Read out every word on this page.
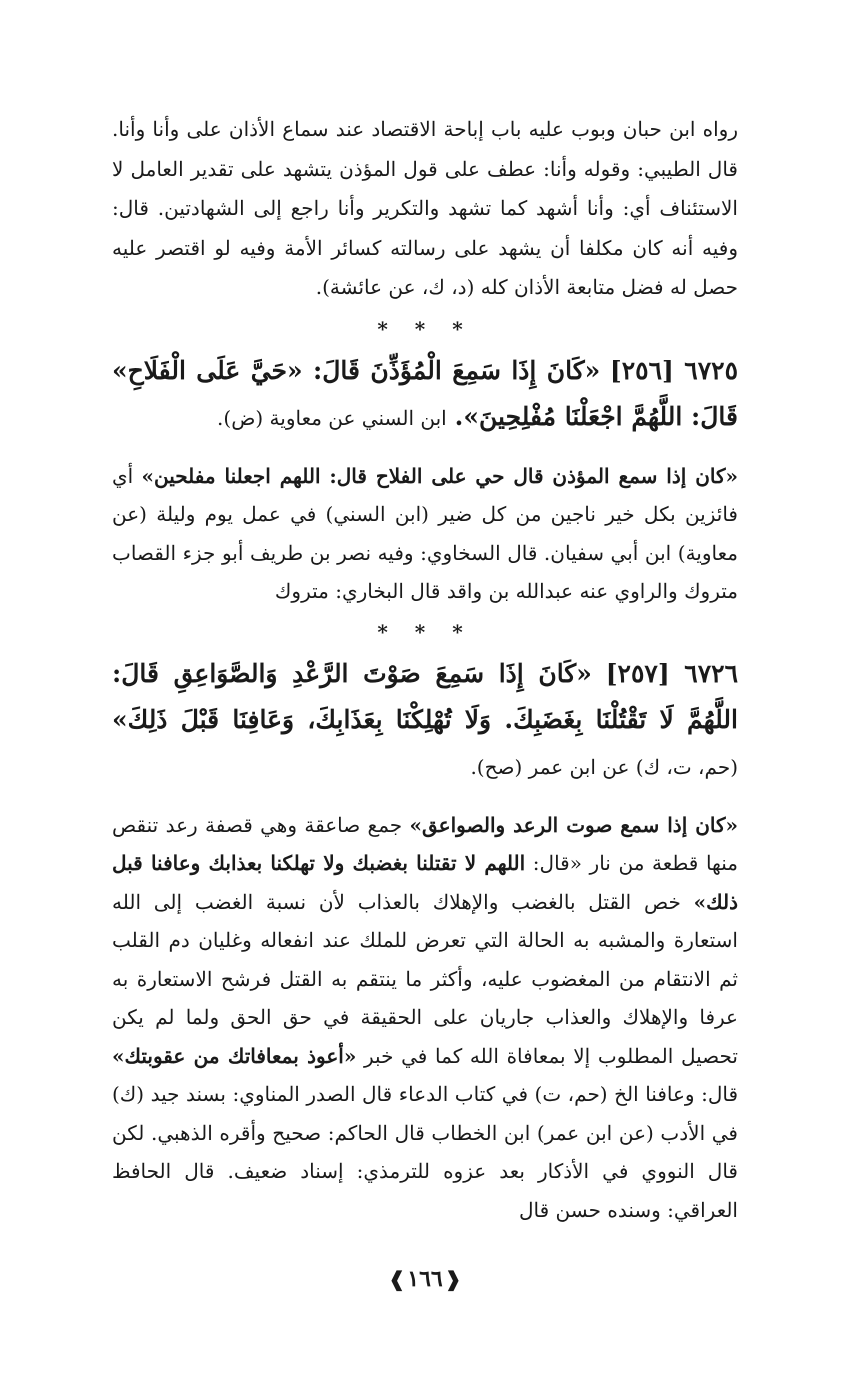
رواه ابن حبان وبوب عليه باب إباحة الاقتصاد عند سماع الأذان على وأنا وأنا. قال الطيبي: وقوله وأنا: عطف على قول المؤذن يتشهد على تقدير العامل لا الاستئناف أي: وأنا أشهد كما تشهد والتكرير وأنا راجع إلى الشهادتين. قال: وفيه أنه كان مكلفا أن يشهد على رسالته كسائر الأمة وفيه لو اقتصر عليه حصل له فضل متابعة الأذان كله (د، ك، عن عائشة).

* * *

٦٧٢٥ [٢٥٦] «كَانَ إِذَا سَمِعَ الْمُؤَذِّنَ قَالَ: «حَيَّ عَلَى الْفَلَاحِ» قَالَ: اللَّهُمَّ اجْعَلْنَا مُفْلِحِينَ». ابن السني عن معاوية (ض).

«كان إذا سمع المؤذن قال حي على الفلاح قال: اللهم اجعلنا مفلحين» أي فائزين بكل خير ناجين من كل ضير (ابن السني) في عمل يوم وليلة (عن معاوية) ابن أبي سفيان. قال السخاوي: وفيه نصر بن طريف أبو جزء القصاب متروك والراوي عنه عبدالله بن واقد قال البخاري: متروك

* * *

٦٧٢٦ [٢٥٧] «كَانَ إِذَا سَمِعَ صَوْتَ الرَّعْدِ وَالصَّوَاعِقِ قَالَ: اللَّهُمَّ لَا تَقْتُلْنَا بِغَضَبِكَ. وَلَا تُهْلِكْنَا بِعَذَابِكَ، وَعَافِنَا قَبْلَ ذَلِكَ» (حم، ت، ك) عن ابن عمر (صح).

«كان إذا سمع صوت الرعد والصواعق» جمع صاعقة وهي قصفة رعد تنقص منها قطعة من نار «قال: اللهم لا تقتلنا بغضبك ولا تهلكنا بعذابك وعافنا قبل ذلك» خص القتل بالغضب والإهلاك بالعذاب لأن نسبة الغضب إلى الله استعارة والمشبه به الحالة التي تعرض للملك عند انفعاله وغليان دم القلب ثم الانتقام من المغضوب عليه، وأكثر ما ينتقم به القتل فرشح الاستعارة به عرفا والإهلاك والعذاب جاريان على الحقيقة في حق الحق ولما لم يكن تحصيل المطلوب إلا بمعافاة الله كما في خبر «أعوذ بمعافاتك من عقوبتك» قال: وعافنا الخ (حم، ت) في كتاب الدعاء قال الصدر المناوي: بسند جيد (ك) في الأدب (عن ابن عمر) ابن الخطاب قال الحاكم: صحيح وأقره الذهبي. لكن قال النووي في الأذكار بعد عزوه للترمذي: إسناد ضعيف. قال الحافظ العراقي: وسنده حسن قال

❰١٦٦❱
